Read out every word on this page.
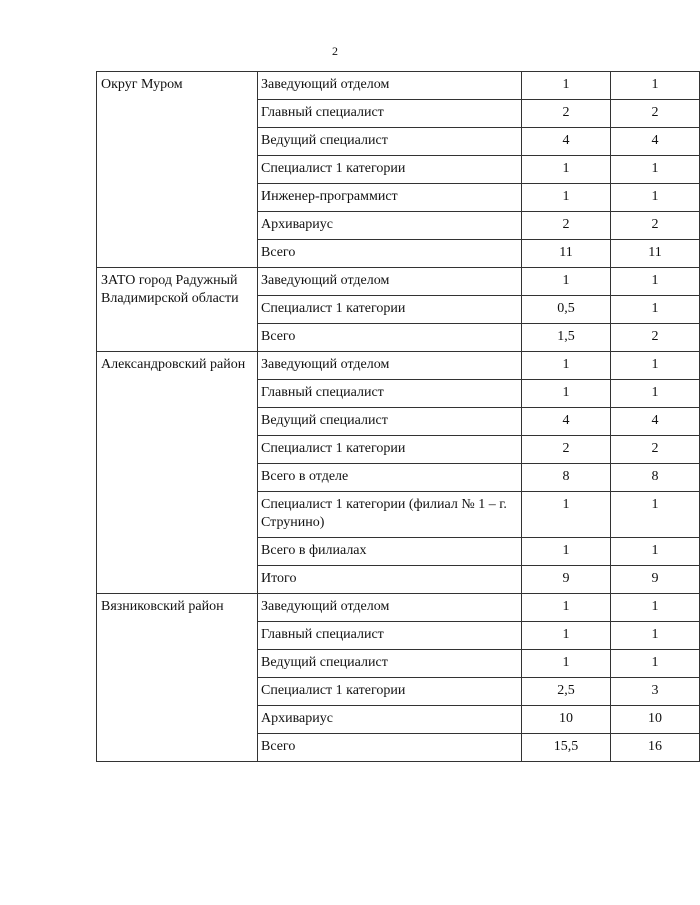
2
Округ Муром	Заведующий отделом	1	1
	Главный специалист	2	2
	Ведущий специалист	4	4
	Специалист 1 категории	1	1
	Инженер-программист	1	1
	Архивариус	2	2
	Всего	11	11
ЗАТО город Радужный Владимирской области	Заведующий отделом	1	1
	Специалист 1 категории	0,5	1
	Всего	1,5	2
Александровский район	Заведующий отделом	1	1
	Главный специалист	1	1
	Ведущий специалист	4	4
	Специалист 1 категории	2	2
	Всего в отделе	8	8
	Специалист 1 категории (филиал № 1 – г. Струнино)	1	1
	Всего в филиалах	1	1
	Итого	9	9
Вязниковский район	Заведующий отделом	1	1
	Главный специалист	1	1
	Ведущий специалист	1	1
	Специалист 1 категории	2,5	3
	Архивариус	10	10
	Всего	15,5	16
